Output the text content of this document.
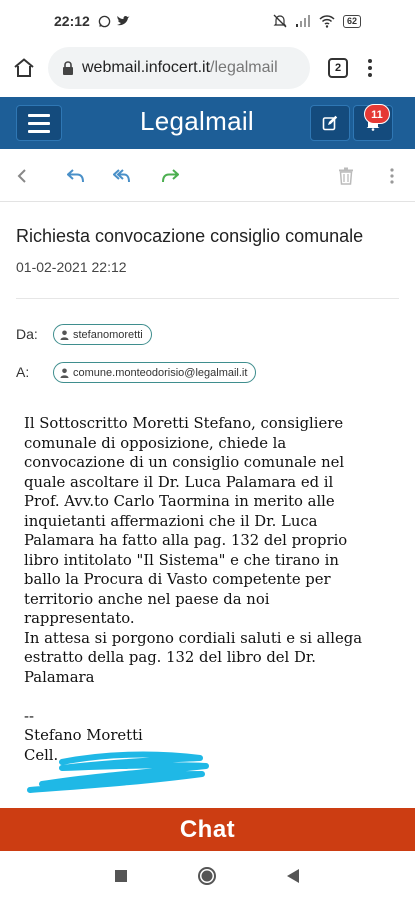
22:12	62
webmail.infocert.it/legalmail	2
Legalmail	11
Richiesta convocazione consiglio comunale
01-02-2021 22:12
Da:	stefanomoretti
A:	comune.monteodorisio@legalmail.it
Il Sottoscritto Moretti Stefano, consigliere
comunale di opposizione, chiede la
convocazione di un consiglio comunale nel
quale ascoltare il Dr. Luca Palamara ed il
Prof. Avv.to Carlo Taormina in merito alle
inquietanti affermazioni che il Dr. Luca
Palamara ha fatto alla pag. 132 del proprio
libro intitolato "Il Sistema" e che tirano in
ballo la Procura di Vasto competente per
territorio anche nel paese da noi
rappresentato.
In attesa si porgono cordiali saluti e si allega
estratto della pag. 132 del libro del Dr.
Palamara

--
Stefano Moretti
Cell.
Chat
